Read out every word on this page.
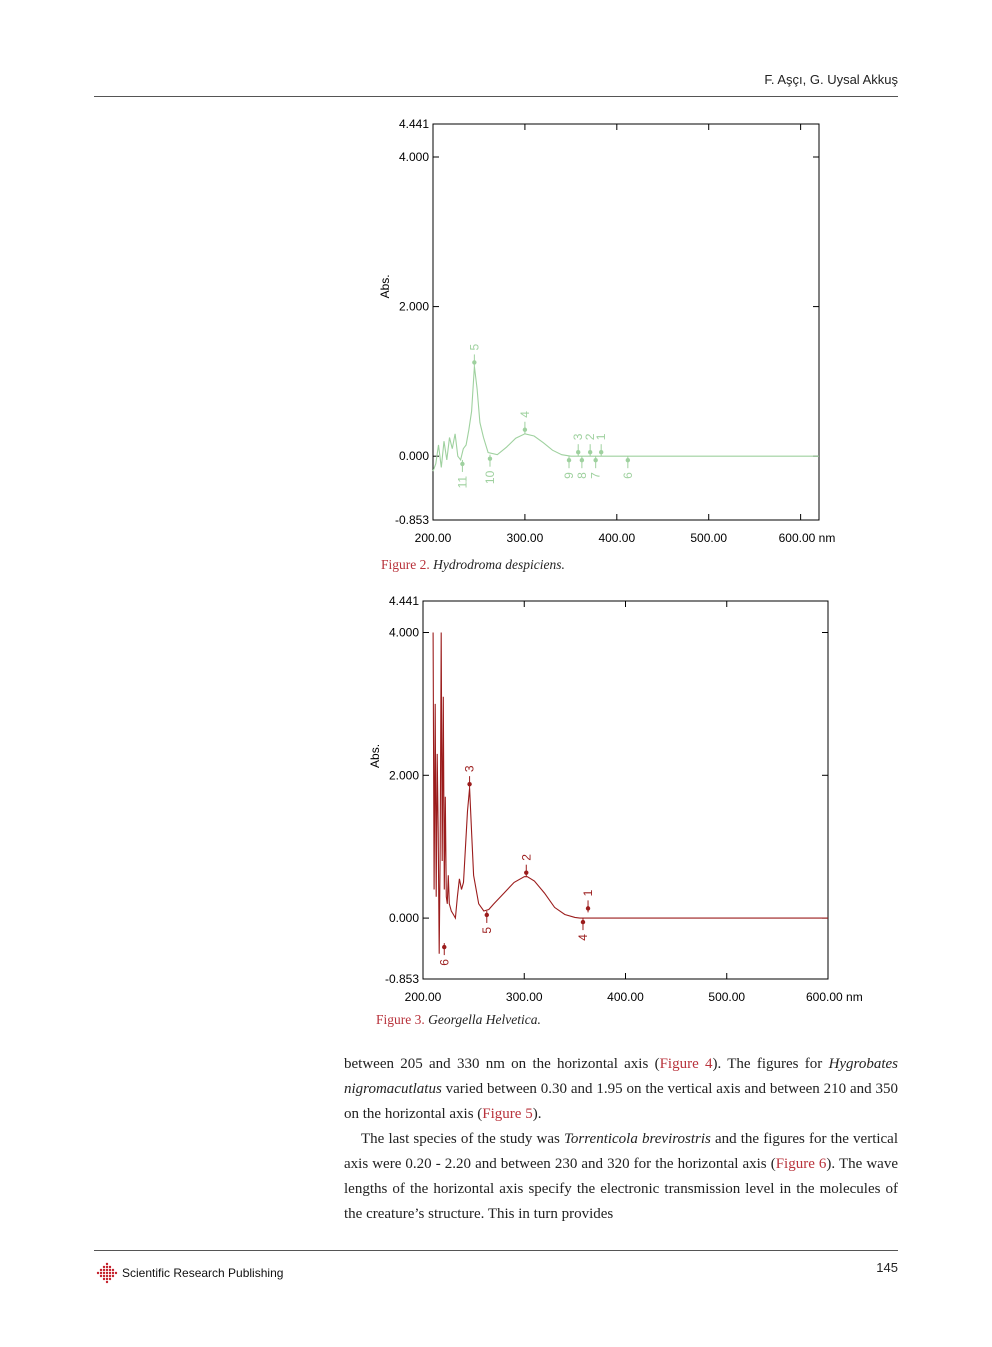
F. Aşçı, G. Uysal Akkuş
4.441
4.000
2.000
0.000
-0.853
200.00	300.00	400.00	500.00	600.00 nm
Abs.
5
4
3
2
1
11 10	9
8 7 6
Figure 2. Hydrodroma despiciens.
4.441
4.000
2.000
0.000
-0.853
200.00	300.00	400.00	500.00	600.00 nm
Abs.
3
2
1
6
5
4
Figure 3. Georgella Helvetica.

between 205 and 330 nm on the horizontal axis (Figure 4). The figures for Hygrobates nigromacutlatus varied between 0.30 and 1.95 on the vertical axis and between 210 and 350 on the horizontal axis (Figure 5).

The last species of the study was Torrenticola brevirostris and the figures for the vertical axis were 0.20 - 2.20 and between 230 and 320 for the horizontal axis (Figure 6). The wave lengths of the horizontal axis specify the electronic transmission level in the molecules of the creature’s structure. This in turn provides

Scientific Research Publishing	145
